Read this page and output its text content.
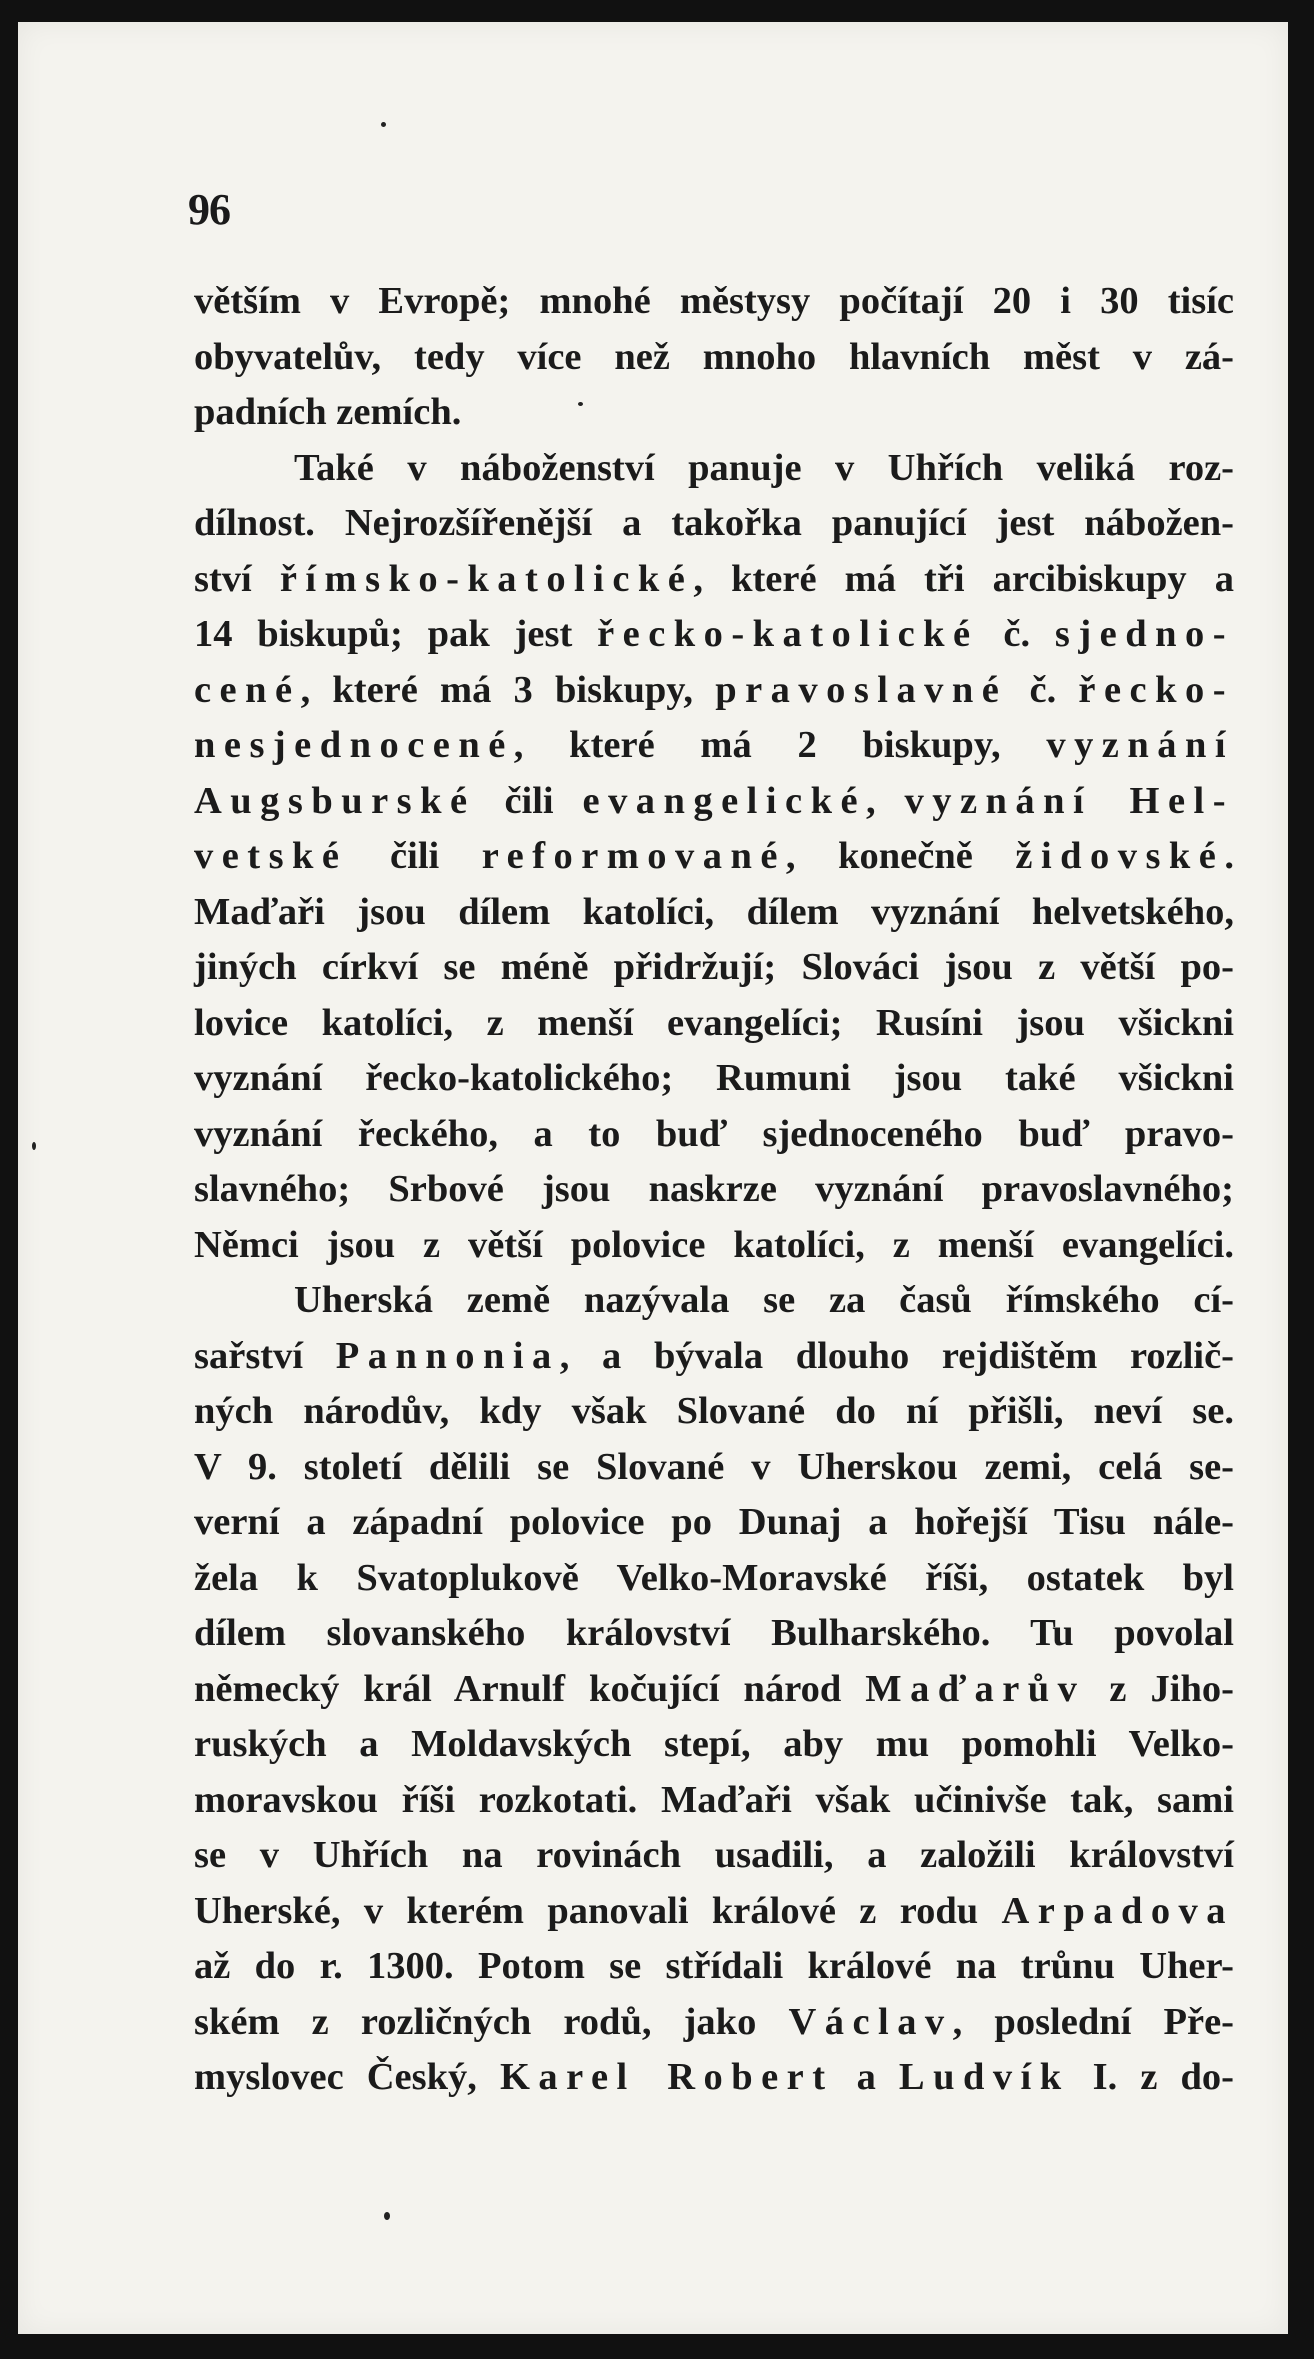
96
větším v Evropě; mnohé městysy počítají 20 i 30 tisíc
obyvatelův, tedy více než mnoho hlavních měst v zá-
padních zemích.
Také v náboženství panuje v Uhřích veliká roz-
dílnost. Nejrozšířenější a takořka panující jest nábožen-
ství římsko-katolické, které má tři arcibiskupy a
14 biskupů; pak jest řecko-katolické č. sjedno-
cené, které má 3 biskupy, pravoslavné č. řecko-
nesjednocené, které má 2 biskupy, vyznání
Augsburské čili evangelické, vyznání Hel-
vetské čili reformované, konečně židovské.
Maďaři jsou dílem katolíci, dílem vyznání helvetského,
jiných církví se méně přidržují; Slováci jsou z větší po-
lovice katolíci, z menší evangelíci; Rusíni jsou všickni
vyznání řecko-katolického; Rumuni jsou také všickni
vyznání řeckého, a to buď sjednoceného buď pravo-
slavného; Srbové jsou naskrze vyznání pravoslavného;
Němci jsou z větší polovice katolíci, z menší evangelíci.
Uherská země nazývala se za časů římského cí-
sařství Pannonia, a bývala dlouho rejdištěm rozlič-
ných národův, kdy však Slované do ní přišli, neví se.
V 9. století dělili se Slované v Uherskou zemi, celá se-
verní a západní polovice po Dunaj a hořejší Tisu nále-
žela k Svatoplukově Velko-Moravské říši, ostatek byl
dílem slovanského království Bulharského. Tu povolal
německý král Arnulf kočující národ Maďarův z Jiho-
ruských a Moldavských stepí, aby mu pomohli Velko-
moravskou říši rozkotati. Maďaři však učinivše tak, sami
se v Uhřích na rovinách usadili, a založili království
Uherské, v kterém panovali králové z rodu Arpadova
až do r. 1300. Potom se střídali králové na trůnu Uher-
ském z rozličných rodů, jako Václav, poslední Pře-
myslovec Český, Karel Robert a Ludvík I. z do-
